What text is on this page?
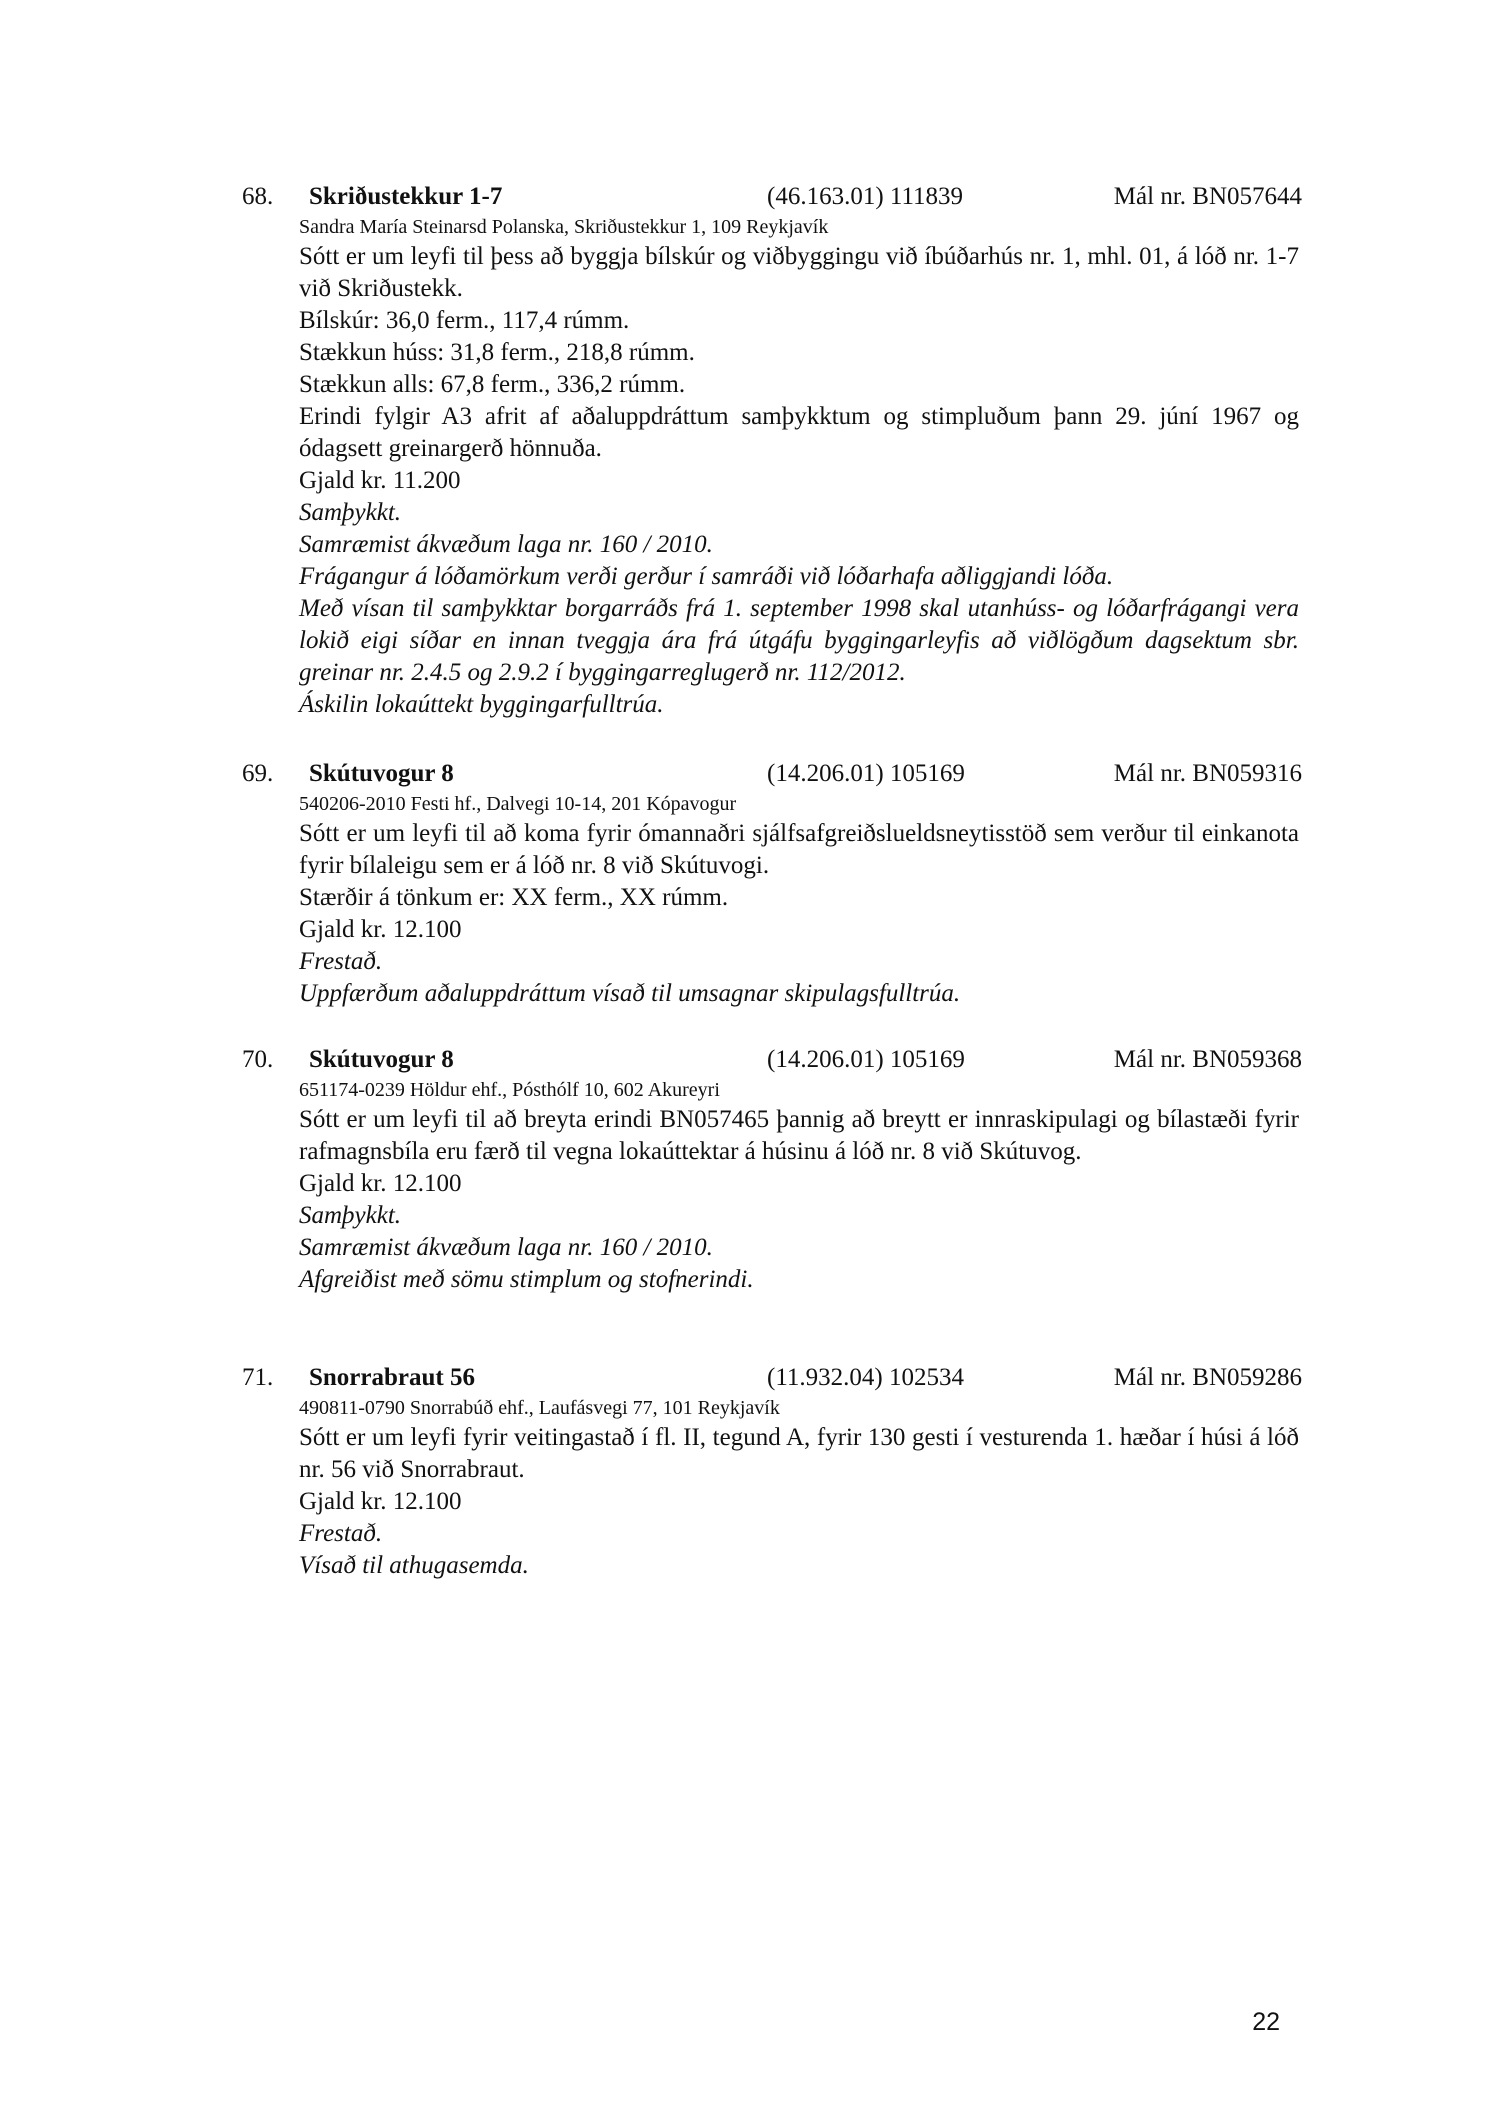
68. Skriðustekkur 1-7	(46.163.01) 111839	Mál nr. BN057644
Sandra María Steinarsd Polanska, Skriðustekkur 1, 109 Reykjavík
Sótt er um leyfi til þess að byggja bílskúr og viðbyggingu við íbúðarhús nr. 1, mhl. 01, á lóð nr. 1-7 við Skriðustekk.
Bílskúr: 36,0 ferm., 117,4 rúmm.
Stækkun húss: 31,8 ferm., 218,8 rúmm.
Stækkun alls: 67,8 ferm., 336,2 rúmm.
Erindi fylgir A3 afrit af aðaluppdráttum samþykktum og stimpluðum þann 29. júní 1967 og ódagsett greinargerð hönnuða.
Gjald kr. 11.200
Samþykkt.
Samræmist ákvæðum laga nr. 160 / 2010.
Frágangur á lóðamörkum verði gerður í samráði við lóðarhafa aðliggjandi lóða.
Með vísan til samþykktar borgarráðs frá 1. september 1998 skal utanhúss- og lóðarfrágangi vera lokið eigi síðar en innan tveggja ára frá útgáfu byggingarleyfis að viðlögðum dagsektum sbr. greinar nr. 2.4.5 og 2.9.2 í byggingarreglugerð nr. 112/2012.
Áskilin lokaúttekt byggingarfulltrúa.
69. Skútuvogur 8	(14.206.01) 105169	Mál nr. BN059316
540206-2010 Festi hf., Dalvegi 10-14, 201 Kópavogur
Sótt er um leyfi til að koma fyrir ómannaðri sjálfsafgreiðslueldsneytisstöð sem verður til einkanota fyrir bílaleigu sem er á lóð nr. 8 við Skútuvogi.
Stærðir á tönkum er: XX ferm., XX rúmm.
Gjald kr. 12.100
Frestað.
Uppfærðum aðaluppdráttum vísað til umsagnar skipulagsfulltrúa.
70. Skútuvogur 8	(14.206.01) 105169	Mál nr. BN059368
651174-0239 Höldur ehf., Pósthólf 10, 602 Akureyri
Sótt er um leyfi til að breyta erindi BN057465 þannig að breytt er innraskipulagi og bílastæði fyrir rafmagnsbíla eru færð til vegna lokaúttektar á húsinu á lóð nr. 8 við Skútuvog.
Gjald kr. 12.100
Samþykkt.
Samræmist ákvæðum laga nr. 160 / 2010.
Afgreiðist með sömu stimplum og stofnerindi.
71. Snorrabraut 56	(11.932.04) 102534	Mál nr. BN059286
490811-0790 Snorrabúð ehf., Laufásvegi 77, 101 Reykjavík
Sótt er um leyfi fyrir veitingastað í fl. II, tegund A, fyrir 130 gesti í vesturenda 1. hæðar í húsi á lóð nr. 56 við Snorrabraut.
Gjald kr. 12.100
Frestað.
Vísað til athugasemda.
22
